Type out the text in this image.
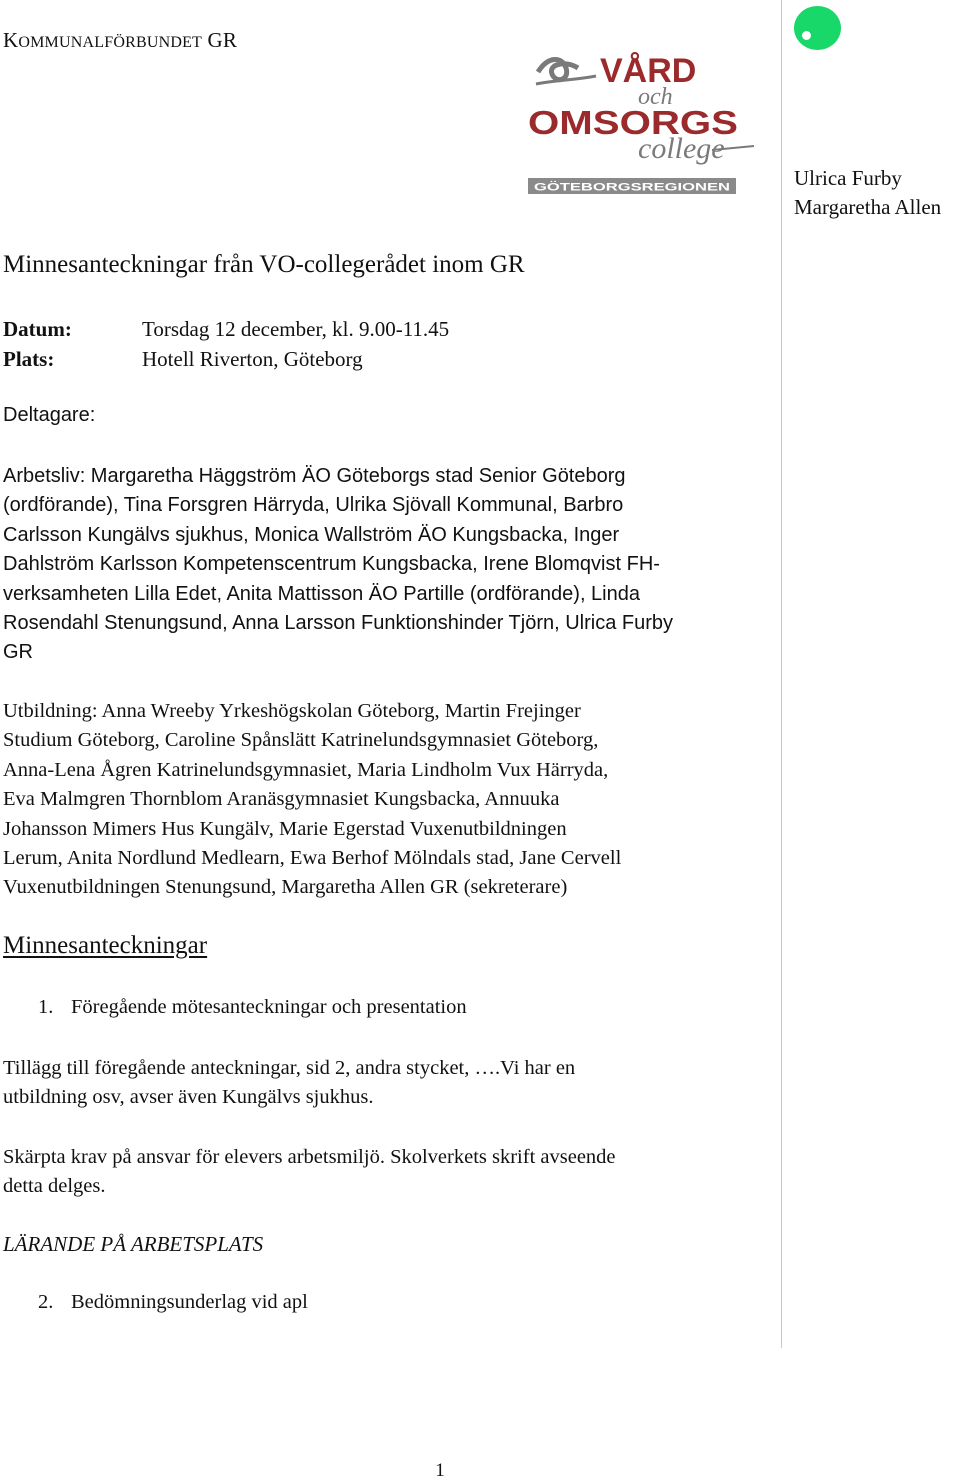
KOMMUNALFÖRBUNDET GR
VÅRD
och
OMSORGS
college
GÖTEBORGSREGIONEN	Ulrica Furby
Margaretha Allen
Minnesanteckningar från VO-collegerådet inom GR
Datum:	Torsdag 12 december, kl. 9.00-11.45
Plats:	Hotell Riverton, Göteborg
Deltagare:
Arbetsliv: Margaretha Häggström ÄO Göteborgs stad Senior Göteborg
(ordförande), Tina Forsgren Härryda, Ulrika Sjövall Kommunal, Barbro
Carlsson Kungälvs sjukhus, Monica Wallström ÄO Kungsbacka, Inger
Dahlström Karlsson Kompetenscentrum Kungsbacka, Irene Blomqvist FH-
verksamheten Lilla Edet, Anita Mattisson ÄO Partille (ordförande), Linda
Rosendahl Stenungsund, Anna Larsson Funktionshinder Tjörn, Ulrica Furby
GR
Utbildning: Anna Wreeby Yrkeshögskolan Göteborg, Martin Frejinger
Studium Göteborg, Caroline Spånslätt Katrinelundsgymnasiet Göteborg,
Anna-Lena Ågren Katrinelundsgymnasiet, Maria Lindholm Vux Härryda,
Eva Malmgren Thornblom Aranäsgymnasiet Kungsbacka, Annuuka
Johansson Mimers Hus Kungälv, Marie Egerstad Vuxenutbildningen
Lerum, Anita Nordlund Medlearn, Ewa Berhof Mölndals stad, Jane Cervell
Vuxenutbildningen Stenungsund, Margaretha Allen GR (sekreterare)
Minnesanteckningar
1. Föregående mötesanteckningar och presentation
Tillägg till föregående anteckningar, sid 2, andra stycket, ….Vi har en
utbildning osv, avser även Kungälvs sjukhus.
Skärpta krav på ansvar för elevers arbetsmiljö. Skolverkets skrift avseende
detta delges.
LÄRANDE PÅ ARBETSPLATS
2. Bedömningsunderlag vid apl
1
